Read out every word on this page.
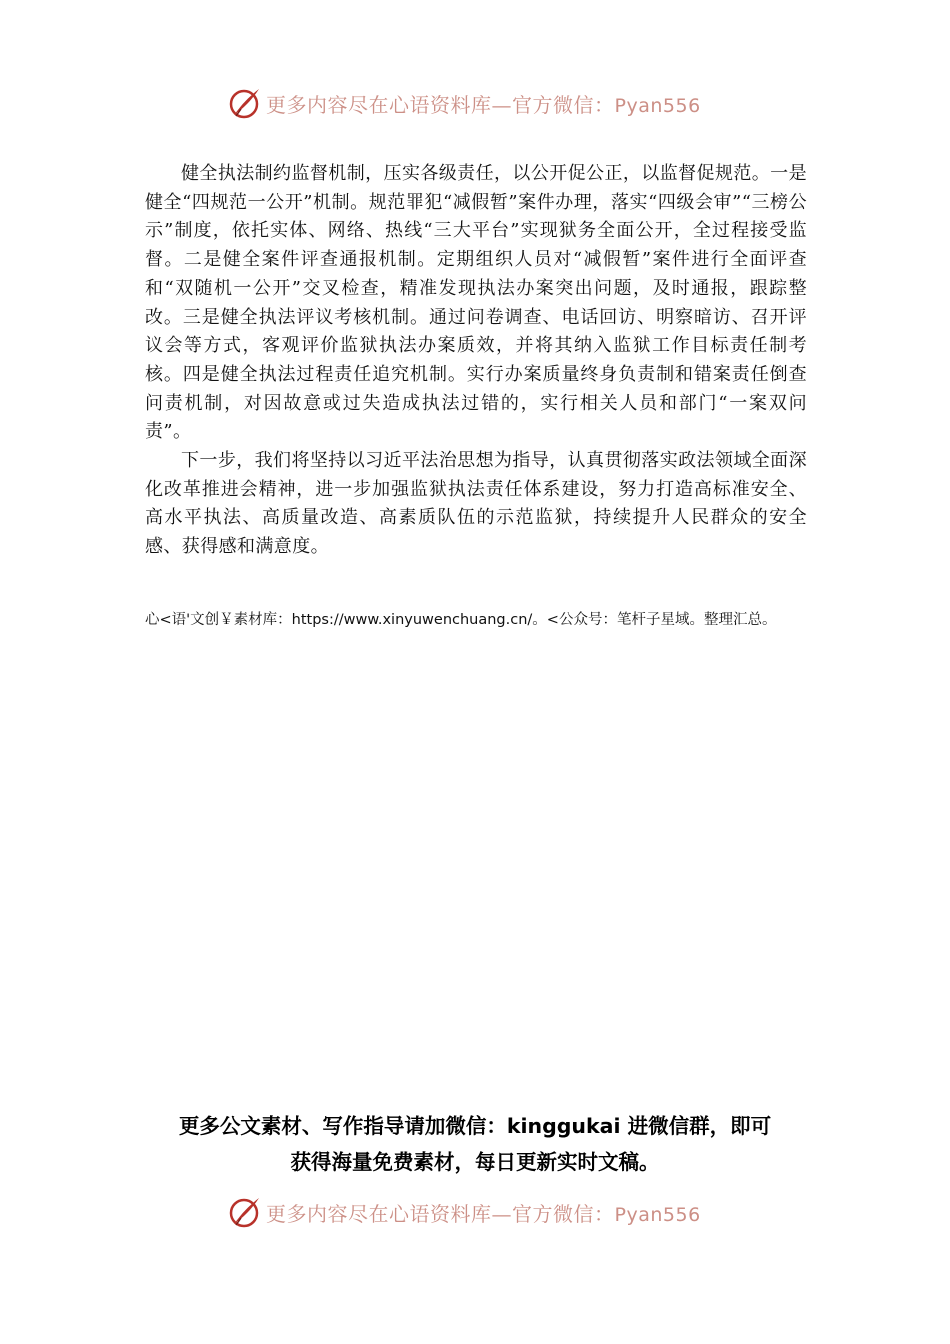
更多内容尽在心语资料库—官方微信：Pyan556

健全执法制约监督机制，压实各级责任，以公开促公正，以监督促规范。一是健全“四规范一公开”机制。规范罪犯“减假暂”案件办理，落实“四级会审”“三榜公示”制度，依托实体、网络、热线“三大平台”实现狱务全面公开，全过程接受监督。二是健全案件评查通报机制。定期组织人员对“减假暂”案件进行全面评查和“双随机一公开”交叉检查，精准发现执法办案突出问题，及时通报，跟踪整改。三是健全执法评议考核机制。通过问卷调查、电话回访、明察暗访、召开评议会等方式，客观评价监狱执法办案质效，并将其纳入监狱工作目标责任制考核。四是健全执法过程责任追究机制。实行办案质量终身负责制和错案责任倒查问责机制，对因故意或过失造成执法过错的，实行相关人员和部门“一案双问责”。

下一步，我们将坚持以习近平法治思想为指导，认真贯彻落实政法领域全面深化改革推进会精神，进一步加强监狱执法责任体系建设，努力打造高标准安全、高水平执法、高质量改造、高素质队伍的示范监狱，持续提升人民群众的安全感、获得感和满意度。

心<语'文创￥素材库：https://www.xinyuwenchuang.cn/。<公众号：笔杆子星域。整理汇总。
更多公文素材、写作指导请加微信：kinggukai 进微信群，即可
获得海量免费素材，每日更新实时文稿。
更多内容尽在心语资料库—官方微信：Pyan556
